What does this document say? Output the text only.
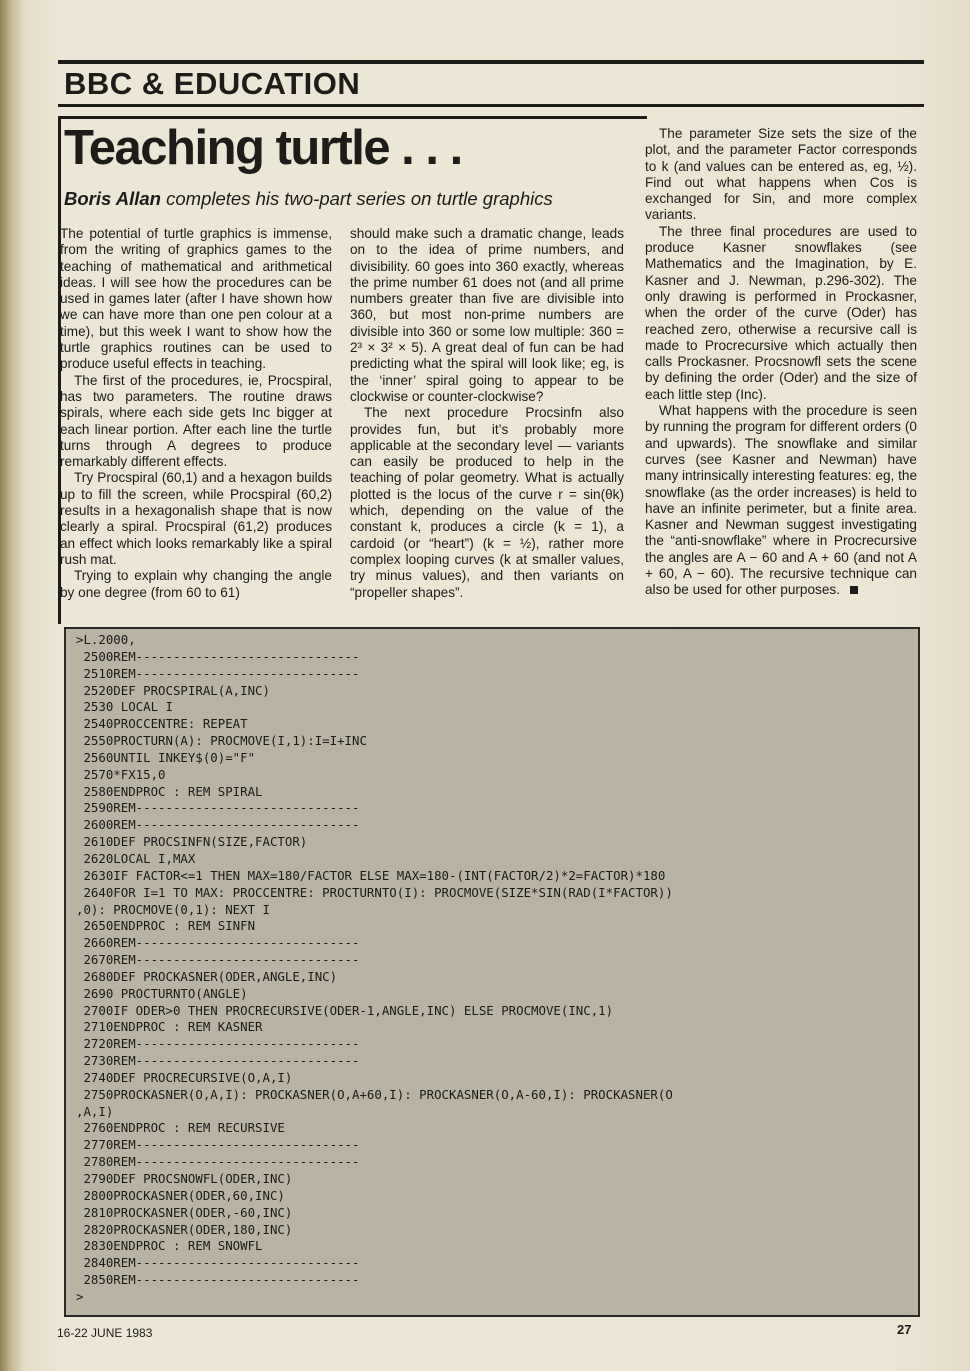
BBC & EDUCATION
Teaching turtle . . .
Boris Allan completes his two-part series on turtle graphics

The potential of turtle graphics is immense, from the writing of graphics games to the teaching of mathematical and arithmetical ideas. I will see how the procedures can be used in games later (after I have shown how we can have more than one pen colour at a time), but this week I want to show how the turtle graphics routines can be used to produce useful effects in teaching.

The first of the procedures, ie, Procspiral, has two parameters. The routine draws spirals, where each side gets Inc bigger at each linear portion. After each line the turtle turns through A degrees to produce remarkably different effects.

Try Procspiral (60,1) and a hexagon builds up to fill the screen, while Procspiral (60,2) results in a hexagonalish shape that is now clearly a spiral. Procspiral (61,2) produces an effect which looks remarkably like a spiral rush mat.

Trying to explain why changing the angle by one degree (from 60 to 61)

should make such a dramatic change, leads on to the idea of prime numbers, and divisibility. 60 goes into 360 exactly, whereas the prime number 61 does not (and all prime numbers greater than five are divisible into 360, but most non-prime numbers are divisible into 360 or some low multiple: 360 = 2³ × 3² × 5). A great deal of fun can be had predicting what the spiral will look like; eg, is the ‘inner’ spiral going to appear to be clockwise or counter-clockwise?

The next procedure Procsinfn also provides fun, but it’s probably more applicable at the secondary level — variants can easily be produced to help in the teaching of polar geometry. What is actually plotted is the locus of the curve r = sin(θk) which, depending on the value of the constant k, produces a circle (k = 1), a cardoid (or “heart”) (k = ½), rather more complex looping curves (k at smaller values, try minus values), and then variants on “propeller shapes”.

The parameter Size sets the size of the plot, and the parameter Factor corresponds to k (and values can be entered as, eg, ½). Find out what happens when Cos is exchanged for Sin, and more complex variants.

The three final procedures are used to produce Kasner snowflakes (see Mathematics and the Imagination, by E. Kasner and J. Newman, p.296-302). The only drawing is performed in Prockasner, when the order of the curve (Oder) has reached zero, otherwise a recursive call is made to Procrecursive which actually then calls Prockasner. Procsnowfl sets the scene by defining the order (Oder) and the size of each little step (Inc).

What happens with the procedure is seen by running the program for different orders (0 and upwards). The snowflake and similar curves (see Kasner and Newman) have many intrinsically interesting features: eg, the snowflake (as the order increases) is held to have an infinite perimeter, but a finite area. Kasner and Newman suggest investigating the “anti-snowflake” where in Procrecursive the angles are A − 60 and A + 60 (and not A + 60, A − 60). The recursive technique can also be used for other purposes.

>L.2000,
2500REM------------------------------
2510REM------------------------------
2520DEF PROCSPIRAL(A,INC)
2530 LOCAL I
2540PROCCENTRE: REPEAT
2550PROCTURN(A): PROCMOVE(I,1):I=I+INC
2560UNTIL INKEY$(0)="F"
2570*FX15,0
2580ENDPROC : REM SPIRAL
2590REM------------------------------
2600REM------------------------------
2610DEF PROCSINFN(SIZE,FACTOR)
2620LOCAL I,MAX
2630IF FACTOR<=1 THEN MAX=180/FACTOR ELSE MAX=180-(INT(FACTOR/2)*2=FACTOR)*180
2640FOR I=1 TO MAX: PROCCENTRE: PROCTURNTO(I): PROCMOVE(SIZE*SIN(RAD(I*FACTOR))
,0): PROCMOVE(0,1): NEXT I
2650ENDPROC : REM SINFN
2660REM------------------------------
2670REM------------------------------
2680DEF PROCKASNER(ODER,ANGLE,INC)
2690 PROCTURNTO(ANGLE)
2700IF ODER>0 THEN PROCRECURSIVE(ODER-1,ANGLE,INC) ELSE PROCMOVE(INC,1)
2710ENDPROC : REM KASNER
2720REM------------------------------
2730REM------------------------------
2740DEF PROCRECURSIVE(O,A,I)
2750PROCKASNER(O,A,I): PROCKASNER(O,A+60,I): PROCKASNER(O,A-60,I): PROCKASNER(O
,A,I)
2760ENDPROC : REM RECURSIVE
2770REM------------------------------
2780REM------------------------------
2790DEF PROCSNOWFL(ODER,INC)
2800PROCKASNER(ODER,60,INC)
2810PROCKASNER(ODER,-60,INC)
2820PROCKASNER(ODER,180,INC)
2830ENDPROC : REM SNOWFL
2840REM------------------------------
2850REM------------------------------
>
16-22 JUNE 1983	27
